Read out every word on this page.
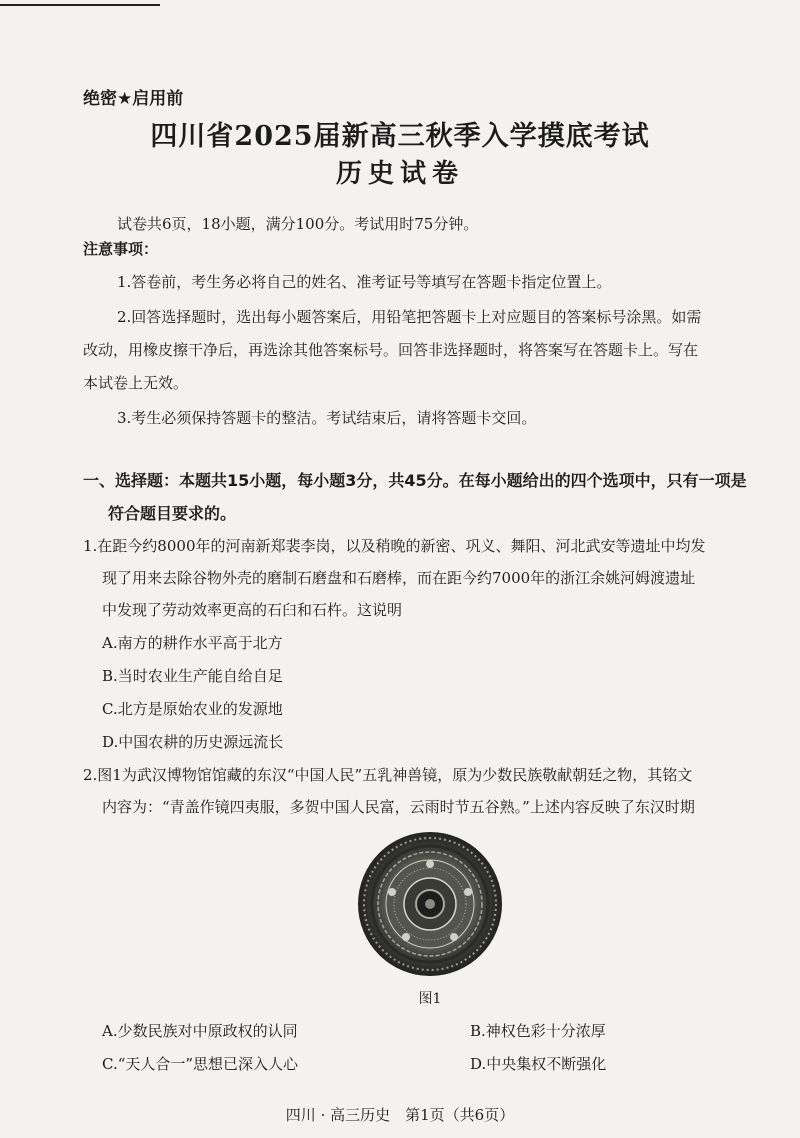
绝密★启用前
四川省2025届新高三秋季入学摸底考试
历史试卷
试卷共6页，18小题，满分100分。考试用时75分钟。
注意事项：
1.答卷前，考生务必将自己的姓名、准考证号等填写在答题卡指定位置上。
2.回答选择题时，选出每小题答案后，用铅笔把答题卡上对应题目的答案标号涂黑。如需
改动，用橡皮擦干净后，再选涂其他答案标号。回答非选择题时，将答案写在答题卡上。写在
本试卷上无效。
3.考生必须保持答题卡的整洁。考试结束后，请将答题卡交回。
一、选择题：本题共15小题，每小题3分，共45分。在每小题给出的四个选项中，只有一项是
符合题目要求的。
1.在距今约8000年的河南新郑裴李岗，以及稍晚的新密、巩义、舞阳、河北武安等遗址中均发
现了用来去除谷物外壳的磨制石磨盘和石磨棒，而在距今约7000年的浙江余姚河姆渡遗址
中发现了劳动效率更高的石臼和石杵。这说明
A.南方的耕作水平高于北方
B.当时农业生产能自给自足
C.北方是原始农业的发源地
D.中国农耕的历史源远流长
2.图1为武汉博物馆馆藏的东汉“中国人民”五乳神兽镜，原为少数民族敬献朝廷之物，其铭文
内容为：“青盖作镜四夷服，多贺中国人民富，云雨时节五谷熟。”上述内容反映了东汉时期
图1
A.少数民族对中原政权的认同	B.神权色彩十分浓厚
C.“天人合一”思想已深入人心	D.中央集权不断强化
四川 · 高三历史　第1页（共6页）
